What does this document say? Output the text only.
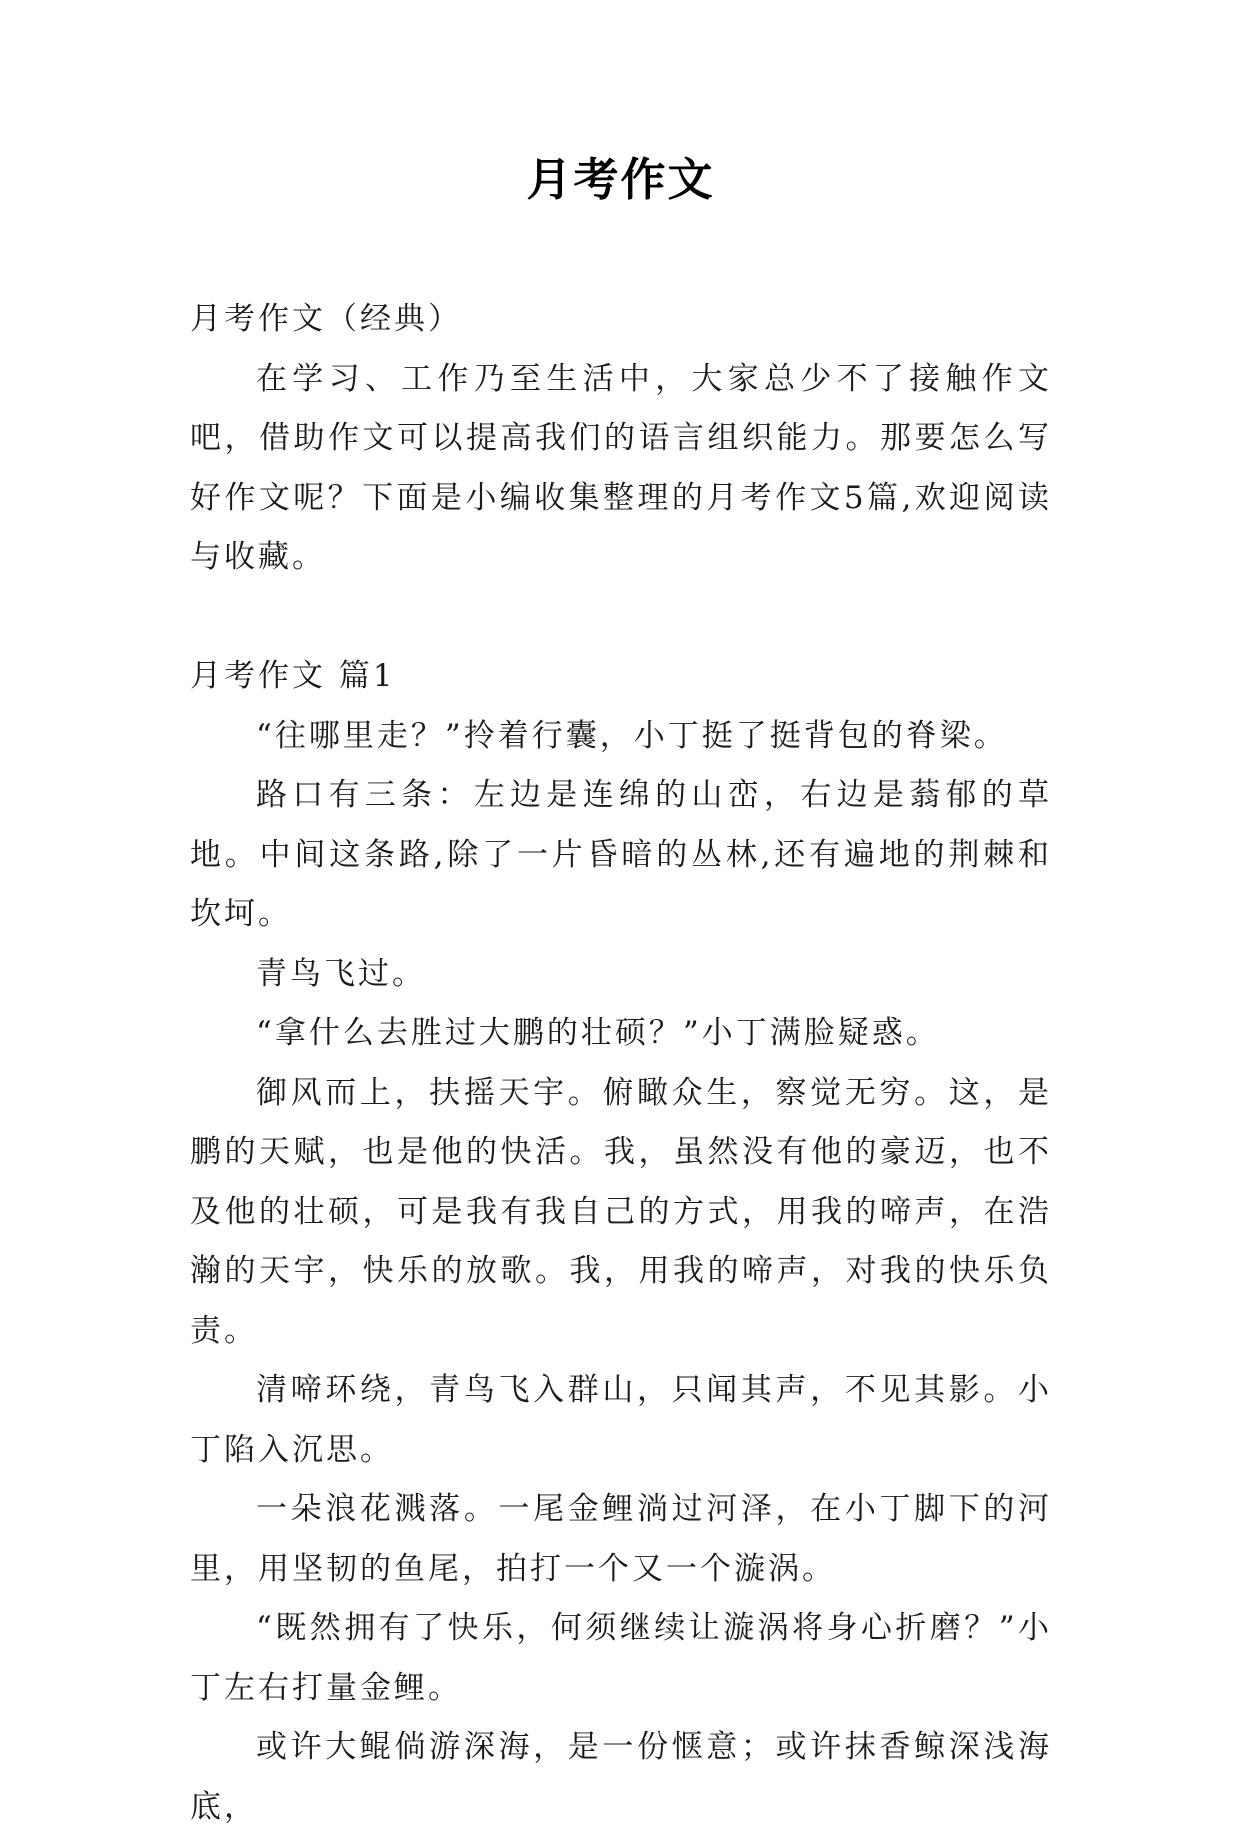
月考作文

月考作文（经典）

在学习、工作乃至生活中，大家总少不了接触作文吧，借助作文可以提高我们的语言组织能力。那要怎么写好作文呢？下面是小编收集整理的月考作文5篇,欢迎阅读与收藏。

月考作文 篇1

“往哪里走？”拎着行囊，小丁挺了挺背包的脊梁。

路口有三条：左边是连绵的山峦，右边是蓊郁的草地。中间这条路,除了一片昏暗的丛林,还有遍地的荆棘和坎坷。

青鸟飞过。

“拿什么去胜过大鹏的壮硕？”小丁满脸疑惑。

御风而上，扶摇天宇。俯瞰众生，察觉无穷。这，是鹏的天赋，也是他的快活。我，虽然没有他的豪迈，也不及他的壮硕，可是我有我自己的方式，用我的啼声，在浩瀚的天宇，快乐的放歌。我，用我的啼声，对我的快乐负责。

清啼环绕，青鸟飞入群山，只闻其声，不见其影。小丁陷入沉思。

一朵浪花溅落。一尾金鲤淌过河泽，在小丁脚下的河里，用坚韧的鱼尾，拍打一个又一个漩涡。

“既然拥有了快乐，何须继续让漩涡将身心折磨？”小丁左右打量金鲤。

或许大鲲倘游深海，是一份惬意；或许抹香鲸深浅海底，
